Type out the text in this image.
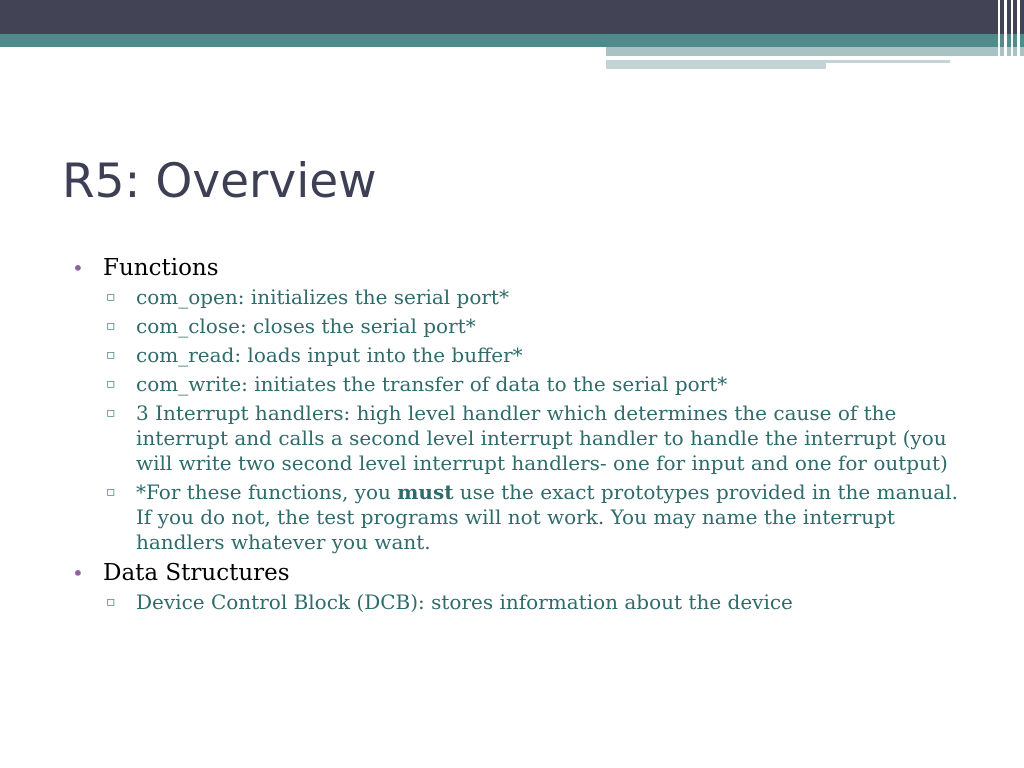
R5: Overview
• Functions
▫ com_open: initializes the serial port*
▫ com_close: closes the serial port*
▫ com_read: loads input into the buffer*
▫ com_write: initiates the transfer of data to the serial port*
▫ 3 Interrupt handlers: high level handler which determines the cause of the interrupt and calls a second level interrupt handler to handle the interrupt (you will write two second level interrupt handlers- one for input and one for output)
▫ *For these functions, you must use the exact prototypes provided in the manual. If you do not, the test programs will not work. You may name the interrupt handlers whatever you want.
• Data Structures
▫ Device Control Block (DCB): stores information about the device
